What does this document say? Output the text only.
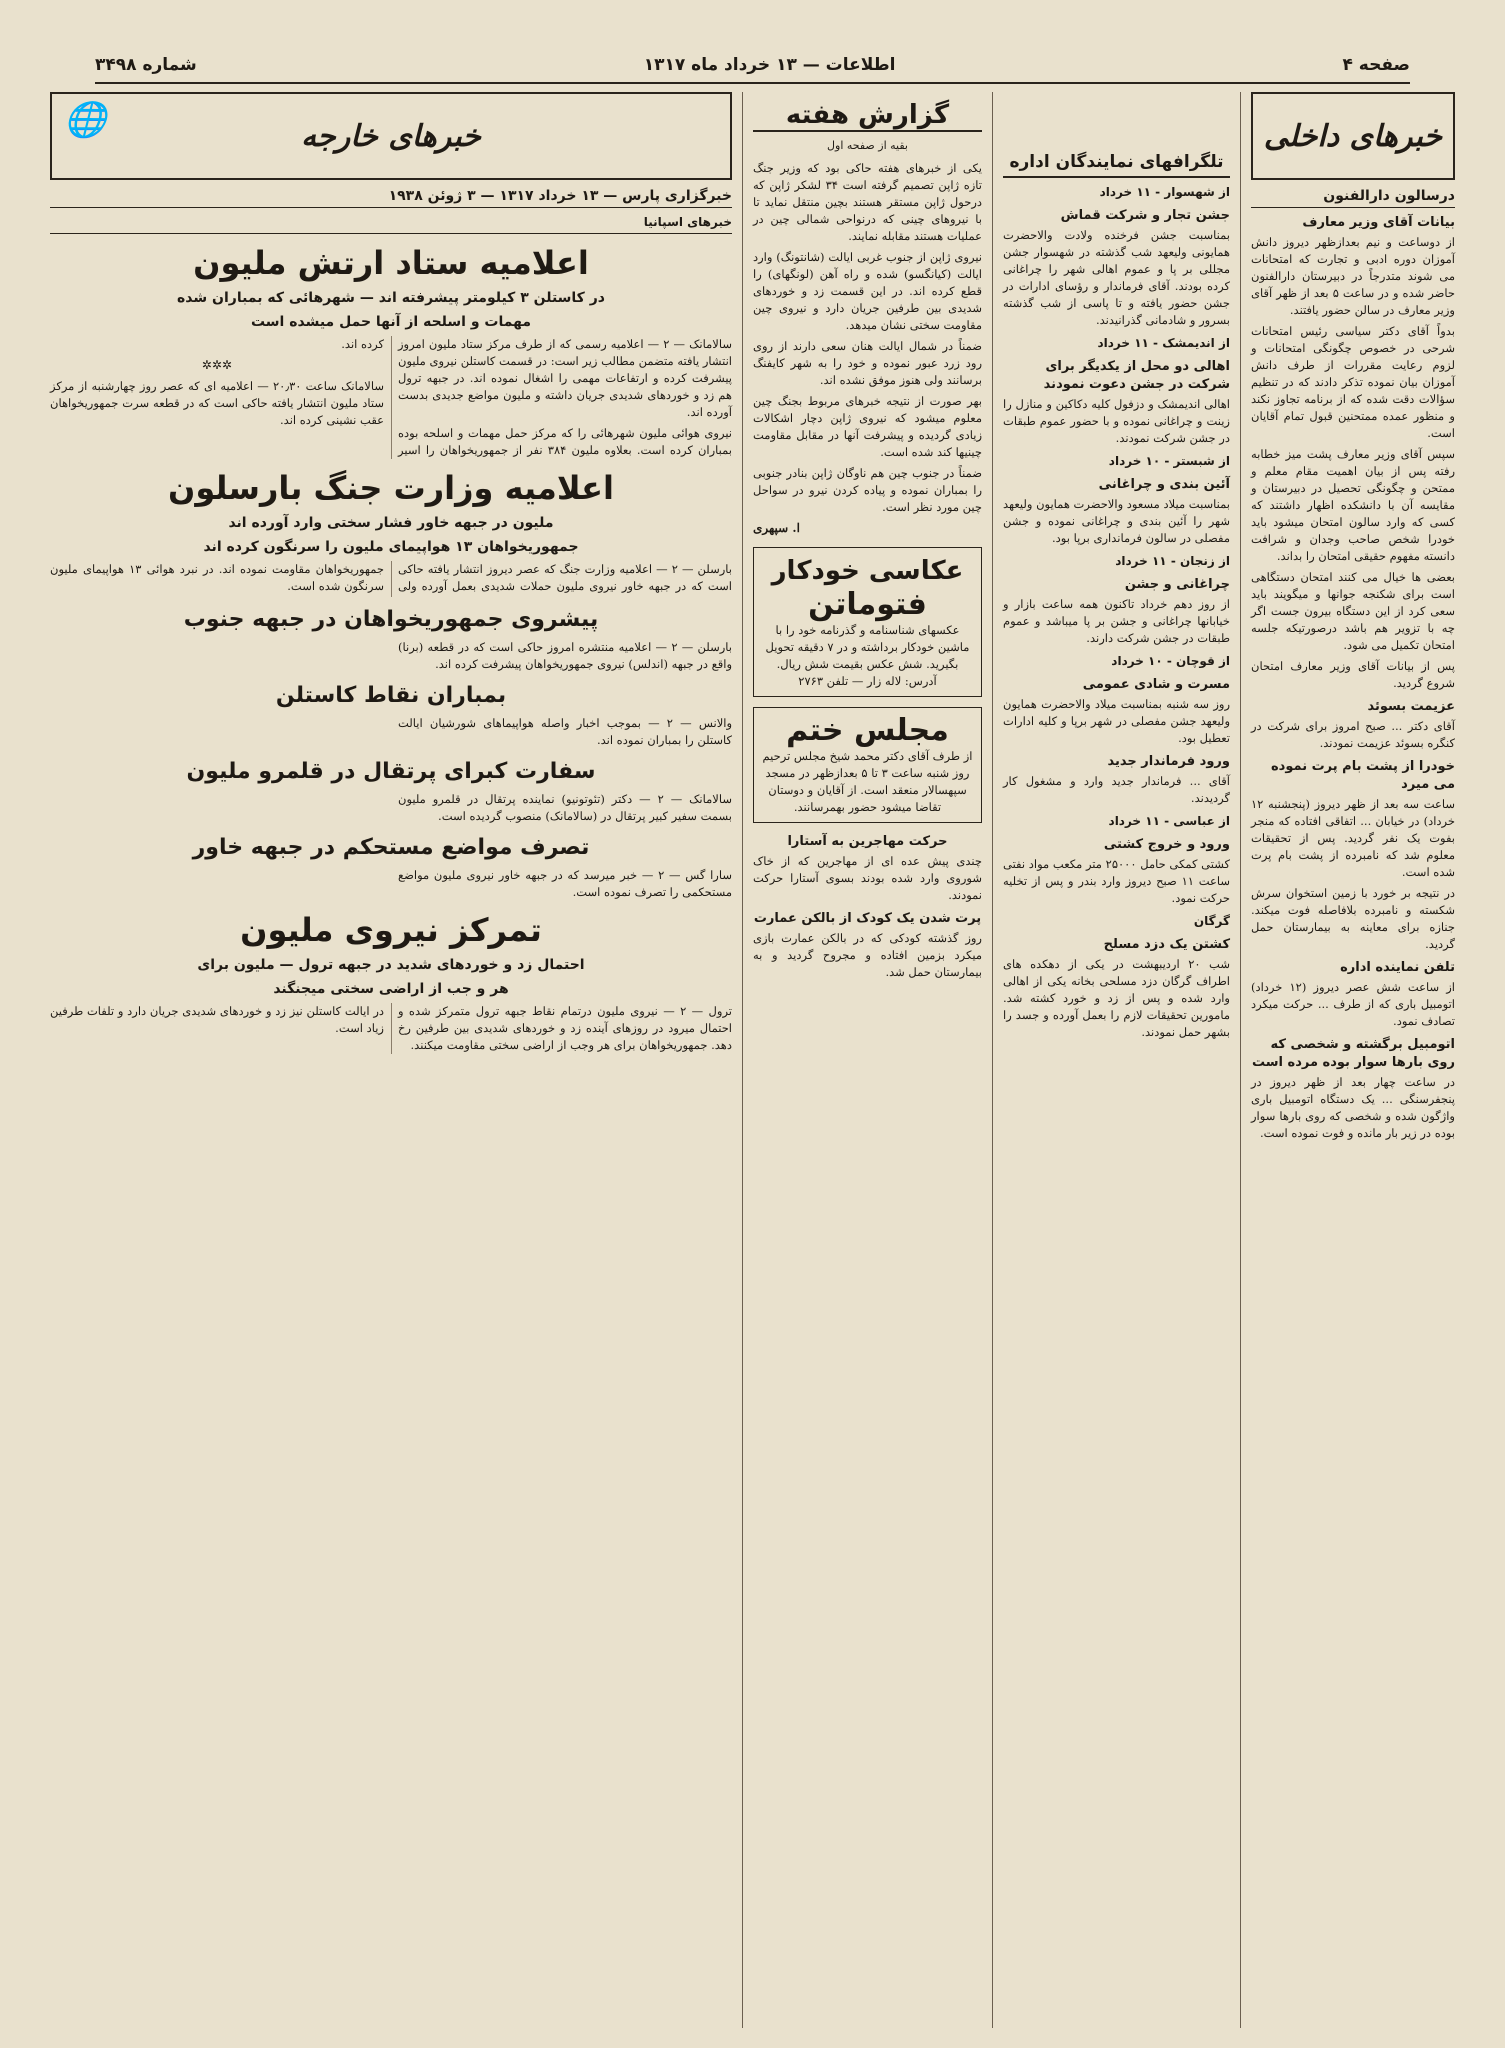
صفحه ۴
اطلاعات — ۱۳ خرداد ماه ۱۳۱۷
شماره ۳۴۹۸
خبرهای داخلی
درسالون دارالفنون
بیانات آقای وزیر معارف

از دوساعت و نیم بعدازظهر دیروز دانش آموزان دوره ادبی و تجارت که امتحانات می شوند متدرجاً در دبیرستان دارالفنون حاضر شده و در ساعت ۵ بعد از ظهر آقای وزیر معارف در سالن حضور یافتند.

بدواً آقای دکتر سیاسی رئیس امتحانات شرحی در خصوص چگونگی امتحانات و لزوم رعایت مقررات از طرف دانش آموزان بیان نموده تذکر دادند که در تنظیم سؤالات دقت شده که از برنامه تجاوز نکند و منظور عمده ممتحنین قبول تمام آقایان است.

سپس آقای وزیر معارف پشت میز خطابه رفته پس از بیان اهمیت مقام معلم و ممتحن و چگونگی تحصیل در دبیرستان و مقایسه آن با دانشکده اظهار داشتند که کسی که وارد سالون امتحان میشود باید خودرا شخص صاحب وجدان و شرافت دانسته مفهوم حقیقی امتحان را بداند.

بعضی ها خیال می کنند امتحان دستگاهی است برای شکنجه جوانها و میگویند باید سعی کرد از این دستگاه بیرون جست اگر چه با تزویر هم باشد درصورتیکه جلسه امتحان تکمیل می شود.

پس از بیانات آقای وزیر معارف امتحان شروع گردید.

عزیمت بسوئد

آقای دکتر ... صبح امروز برای شرکت در کنگره بسوئد عزیمت نمودند.

خودرا از پشت بام پرت نموده می میرد

ساعت سه بعد از ظهر دیروز (پنجشنبه ۱۲ خرداد) در خیابان ... اتفاقی افتاده که منجر بفوت یک نفر گردید. پس از تحقیقات معلوم شد که نامبرده از پشت بام پرت شده است.

در نتیجه بر خورد با زمین استخوان سرش شکسته و نامبرده بلافاصله فوت میکند. جنازه برای معاینه به بیمارستان حمل گردید.

تلفن نماینده اداره

از ساعت شش عصر دیروز (۱۲ خرداد) اتومبیل باری که از طرف ... حرکت میکرد تصادف نمود.

اتومبیل برگشته و شخصی که روی بارها سوار بوده مرده است

در ساعت چهار بعد از ظهر دیروز در پنجفرسنگی ... یک دستگاه اتومبیل باری واژگون شده و شخصی که روی بارها سوار بوده در زیر بار مانده و فوت نموده است.

تلگرافهای نمایندگان اداره
از شهسوار - ۱۱ خرداد
جشن تجار و شرکت قماش

بمناسبت جشن فرخنده ولادت والاحضرت همایونی ولیعهد شب گذشته در شهسوار جشن مجللی بر پا و عموم اهالی شهر را چراغانی کرده بودند. آقای فرماندار و رؤسای ادارات در جشن حضور یافته و تا پاسی از شب گذشته بسرور و شادمانی گذرانیدند.

از اندیمشک - ۱۱ خرداد
اهالی دو محل از یکدیگر برای شرکت در جشن دعوت نمودند

اهالی اندیمشک و دزفول کلیه دکاکین و منازل را زینت و چراغانی نموده و با حضور عموم طبقات در جشن شرکت نمودند.

از شبستر - ۱۰ خرداد
آئین بندی و چراغانی

بمناسبت میلاد مسعود والاحضرت همایون ولیعهد شهر را آئین بندی و چراغانی نموده و جشن مفصلی در سالون فرمانداری برپا بود.

از زنجان - ۱۱ خرداد
چراغانی و جشن

از روز دهم خرداد تاکنون همه ساعت بازار و خیابانها چراغانی و جشن بر پا میباشد و عموم طبقات در جشن شرکت دارند.

از قوچان - ۱۰ خرداد
مسرت و شادی عمومی

روز سه شنبه بمناسبت میلاد والاحضرت همایون ولیعهد جشن مفصلی در شهر برپا و کلیه ادارات تعطیل بود.

ورود فرماندار جدید

آقای ... فرماندار جدید وارد و مشغول کار گردیدند.

از عباسی - ۱۱ خرداد
ورود و خروج کشتی

کشتی کمکی حامل ۲۵۰۰۰ متر مکعب مواد نفتی ساعت ۱۱ صبح دیروز وارد بندر و پس از تخلیه حرکت نمود.

گرگان
کشتن یک دزد مسلح

شب ۲۰ اردیبهشت در یکی از دهکده های اطراف گرگان دزد مسلحی بخانه یکی از اهالی وارد شده و پس از زد و خورد کشته شد. مامورین تحقیقات لازم را بعمل آورده و جسد را بشهر حمل نمودند.

گزارش هفته
بقیه از صفحه اول

یکی از خبرهای هفته حاکی بود که وزیر جنگ تازه ژاپن تصمیم گرفته است ۳۴ لشکر ژاپن که درحول ژاپن مستقر هستند بچین منتقل نماید تا با نیروهای چینی که درنواحی شمالی چین در عملیات هستند مقابله نمایند.

نیروی ژاپن از جنوب غربی ایالت (شانتونگ) وارد ایالت (کیانگسو) شده و راه آهن (لونگهای) را قطع کرده اند. در این قسمت زد و خوردهای شدیدی بین طرفین جریان دارد و نیروی چین مقاومت سختی نشان میدهد.

ضمناً در شمال ایالت هنان سعی دارند از روی رود زرد عبور نموده و خود را به شهر کایفنگ برسانند ولی هنوز موفق نشده اند.

بهر صورت از نتیجه خبرهای مربوط بجنگ چین معلوم میشود که نیروی ژاپن دچار اشکالات زیادی گردیده و پیشرفت آنها در مقابل مقاومت چینیها کند شده است.

ضمناً در جنوب چین هم ناوگان ژاپن بنادر جنوبی را بمباران نموده و پیاده کردن نیرو در سواحل چین مورد نظر است.

ا. سپهری
عکاسی خودکار
فتوماتن
عکسهای شناسنامه و گذرنامه خود را با ماشین خودکار برداشته و در ۷ دقیقه تحویل بگیرید. شش عکس بقیمت شش ریال. آدرس: لاله زار — تلفن ۲۷۶۳
مجلس ختم
از طرف آقای دکتر محمد شیخ مجلس ترحیم روز شنبه ساعت ۳ تا ۵ بعدازظهر در مسجد سپهسالار منعقد است. از آقایان و دوستان تقاضا میشود حضور بهمرسانند.
حرکت مهاجرین به آستارا

چندی پیش عده ای از مهاجرین که از خاک شوروی وارد شده بودند بسوی آستارا حرکت نمودند.

پرت شدن یک کودک از بالکن عمارت

روز گذشته کودکی که در بالکن عمارت بازی میکرد بزمین افتاده و مجروح گردید و به بیمارستان حمل شد.

🌐	خبرهای خارجه
خبرگزاری پارس — ۱۳ خرداد ۱۳۱۷ — ۳ ژوئن ۱۹۳۸
خبرهای اسپانیا
اعلامیه ستاد ارتش ملیون
در کاستلن ۳ کیلومتر پیشرفته اند — شهرهائی که بمباران شده
مهمات و اسلحه از آنها حمل میشده است

سالامانک — ۲ — اعلامیه رسمی که از طرف مرکز ستاد ملیون امروز انتشار یافته متضمن مطالب زیر است: در قسمت کاستلن نیروی ملیون پیشرفت کرده و ارتفاعات مهمی را اشغال نموده اند. در جبهه ترول هم زد و خوردهای شدیدی جریان داشته و ملیون مواضع جدیدی بدست آورده اند.

نیروی هوائی ملیون شهرهائی را که مرکز حمل مهمات و اسلحه بوده بمباران کرده است. بعلاوه ملیون ۳۸۴ نفر از جمهوریخواهان را اسیر کرده اند.

✲✲✲

سالامانک ساعت ۲۰٫۳۰ — اعلامیه ای که عصر روز چهارشنبه از مرکز ستاد ملیون انتشار یافته حاکی است که در قطعه سرت جمهوریخواهان عقب نشینی کرده اند.

اعلامیه وزارت جنگ بارسلون
ملیون در جبهه خاور فشار سختی وارد آورده اند
جمهوریخواهان ۱۳ هواپیمای ملیون را سرنگون کرده اند

بارسلن — ۲ — اعلامیه وزارت جنگ که عصر دیروز انتشار یافته حاکی است که در جبهه خاور نیروی ملیون حملات شدیدی بعمل آورده ولی جمهوریخواهان مقاومت نموده اند. در نبرد هوائی ۱۳ هواپیمای ملیون سرنگون شده است.

پیشروی جمهوریخواهان در جبهه جنوب

بارسلن — ۲ — اعلامیه منتشره امروز حاکی است که در قطعه (برنا) واقع در جبهه (اندلس) نیروی جمهوریخواهان پیشرفت کرده اند.

بمباران نقاط کاستلن

والانس — ۲ — بموجب اخبار واصله هواپیماهای شورشیان ایالت کاستلن را بمباران نموده اند.

سفارت کبرای پرتقال در قلمرو ملیون

سالامانک — ۲ — دکتر (تئوتونیو) نماینده پرتقال در قلمرو ملیون بسمت سفیر کبیر پرتقال در (سالامانک) منصوب گردیده است.

تصرف مواضع مستحکم در جبهه خاور

سارا گس — ۲ — خبر میرسد که در جبهه خاور نیروی ملیون مواضع مستحکمی را تصرف نموده است.

تمرکز نیروی ملیون
احتمال زد و خوردهای شدید در جبهه ترول — ملیون برای
هر و جب از اراضی سختی میجنگند

ترول — ۲ — نیروی ملیون درتمام نقاط جبهه ترول متمرکز شده و احتمال میرود در روزهای آینده زد و خوردهای شدیدی بین طرفین رخ دهد. جمهوریخواهان برای هر وجب از اراضی سختی مقاومت میکنند.

در ایالت کاستلن نیز زد و خوردهای شدیدی جریان دارد و تلفات طرفین زیاد است.
